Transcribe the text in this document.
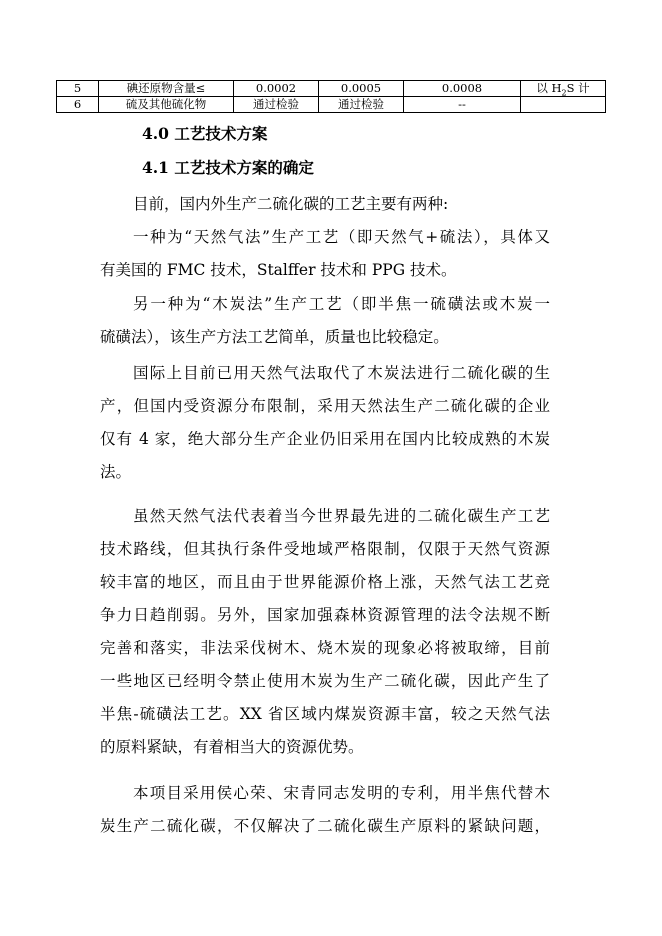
5	碘还原物含量≤	0.0002	0.0005	0.0008	以 $H_2S$ 计
6	硫及其他硫化物	通过检验	通过检验	--	
4.0 工艺技术方案
4.1 工艺技术方案的确定
目前，国内外生产二硫化碳的工艺主要有两种:
一种为“天然气法”生产工艺（即天然气+硫法），具体又
有美国的 FMC 技术，Stalffer 技术和 PPG 技术。
另一种为“木炭法”生产工艺（即半焦一硫磺法或木炭一
硫磺法），该生产方法工艺简单，质量也比较稳定。
国际上目前已用天然气法取代了木炭法进行二硫化碳的生
产，但国内受资源分布限制，采用天然法生产二硫化碳的企业
仅有 4 家，绝大部分生产企业仍旧采用在国内比较成熟的木炭
法。
虽然天然气法代表着当今世界最先进的二硫化碳生产工艺
技术路线，但其执行条件受地域严格限制，仅限于天然气资源
较丰富的地区，而且由于世界能源价格上涨，天然气法工艺竞
争力日趋削弱。另外，国家加强森林资源管理的法令法规不断
完善和落实，非法采伐树木、烧木炭的现象必将被取缔，目前
一些地区已经明令禁止使用木炭为生产二硫化碳，因此产生了
半焦-硫磺法工艺。XX 省区域内煤炭资源丰富，较之天然气法
的原料紧缺，有着相当大的资源优势。
本项目采用侯心荣、宋青同志发明的专利，用半焦代替木
炭生产二硫化碳，不仅解决了二硫化碳生产原料的紧缺问题，
